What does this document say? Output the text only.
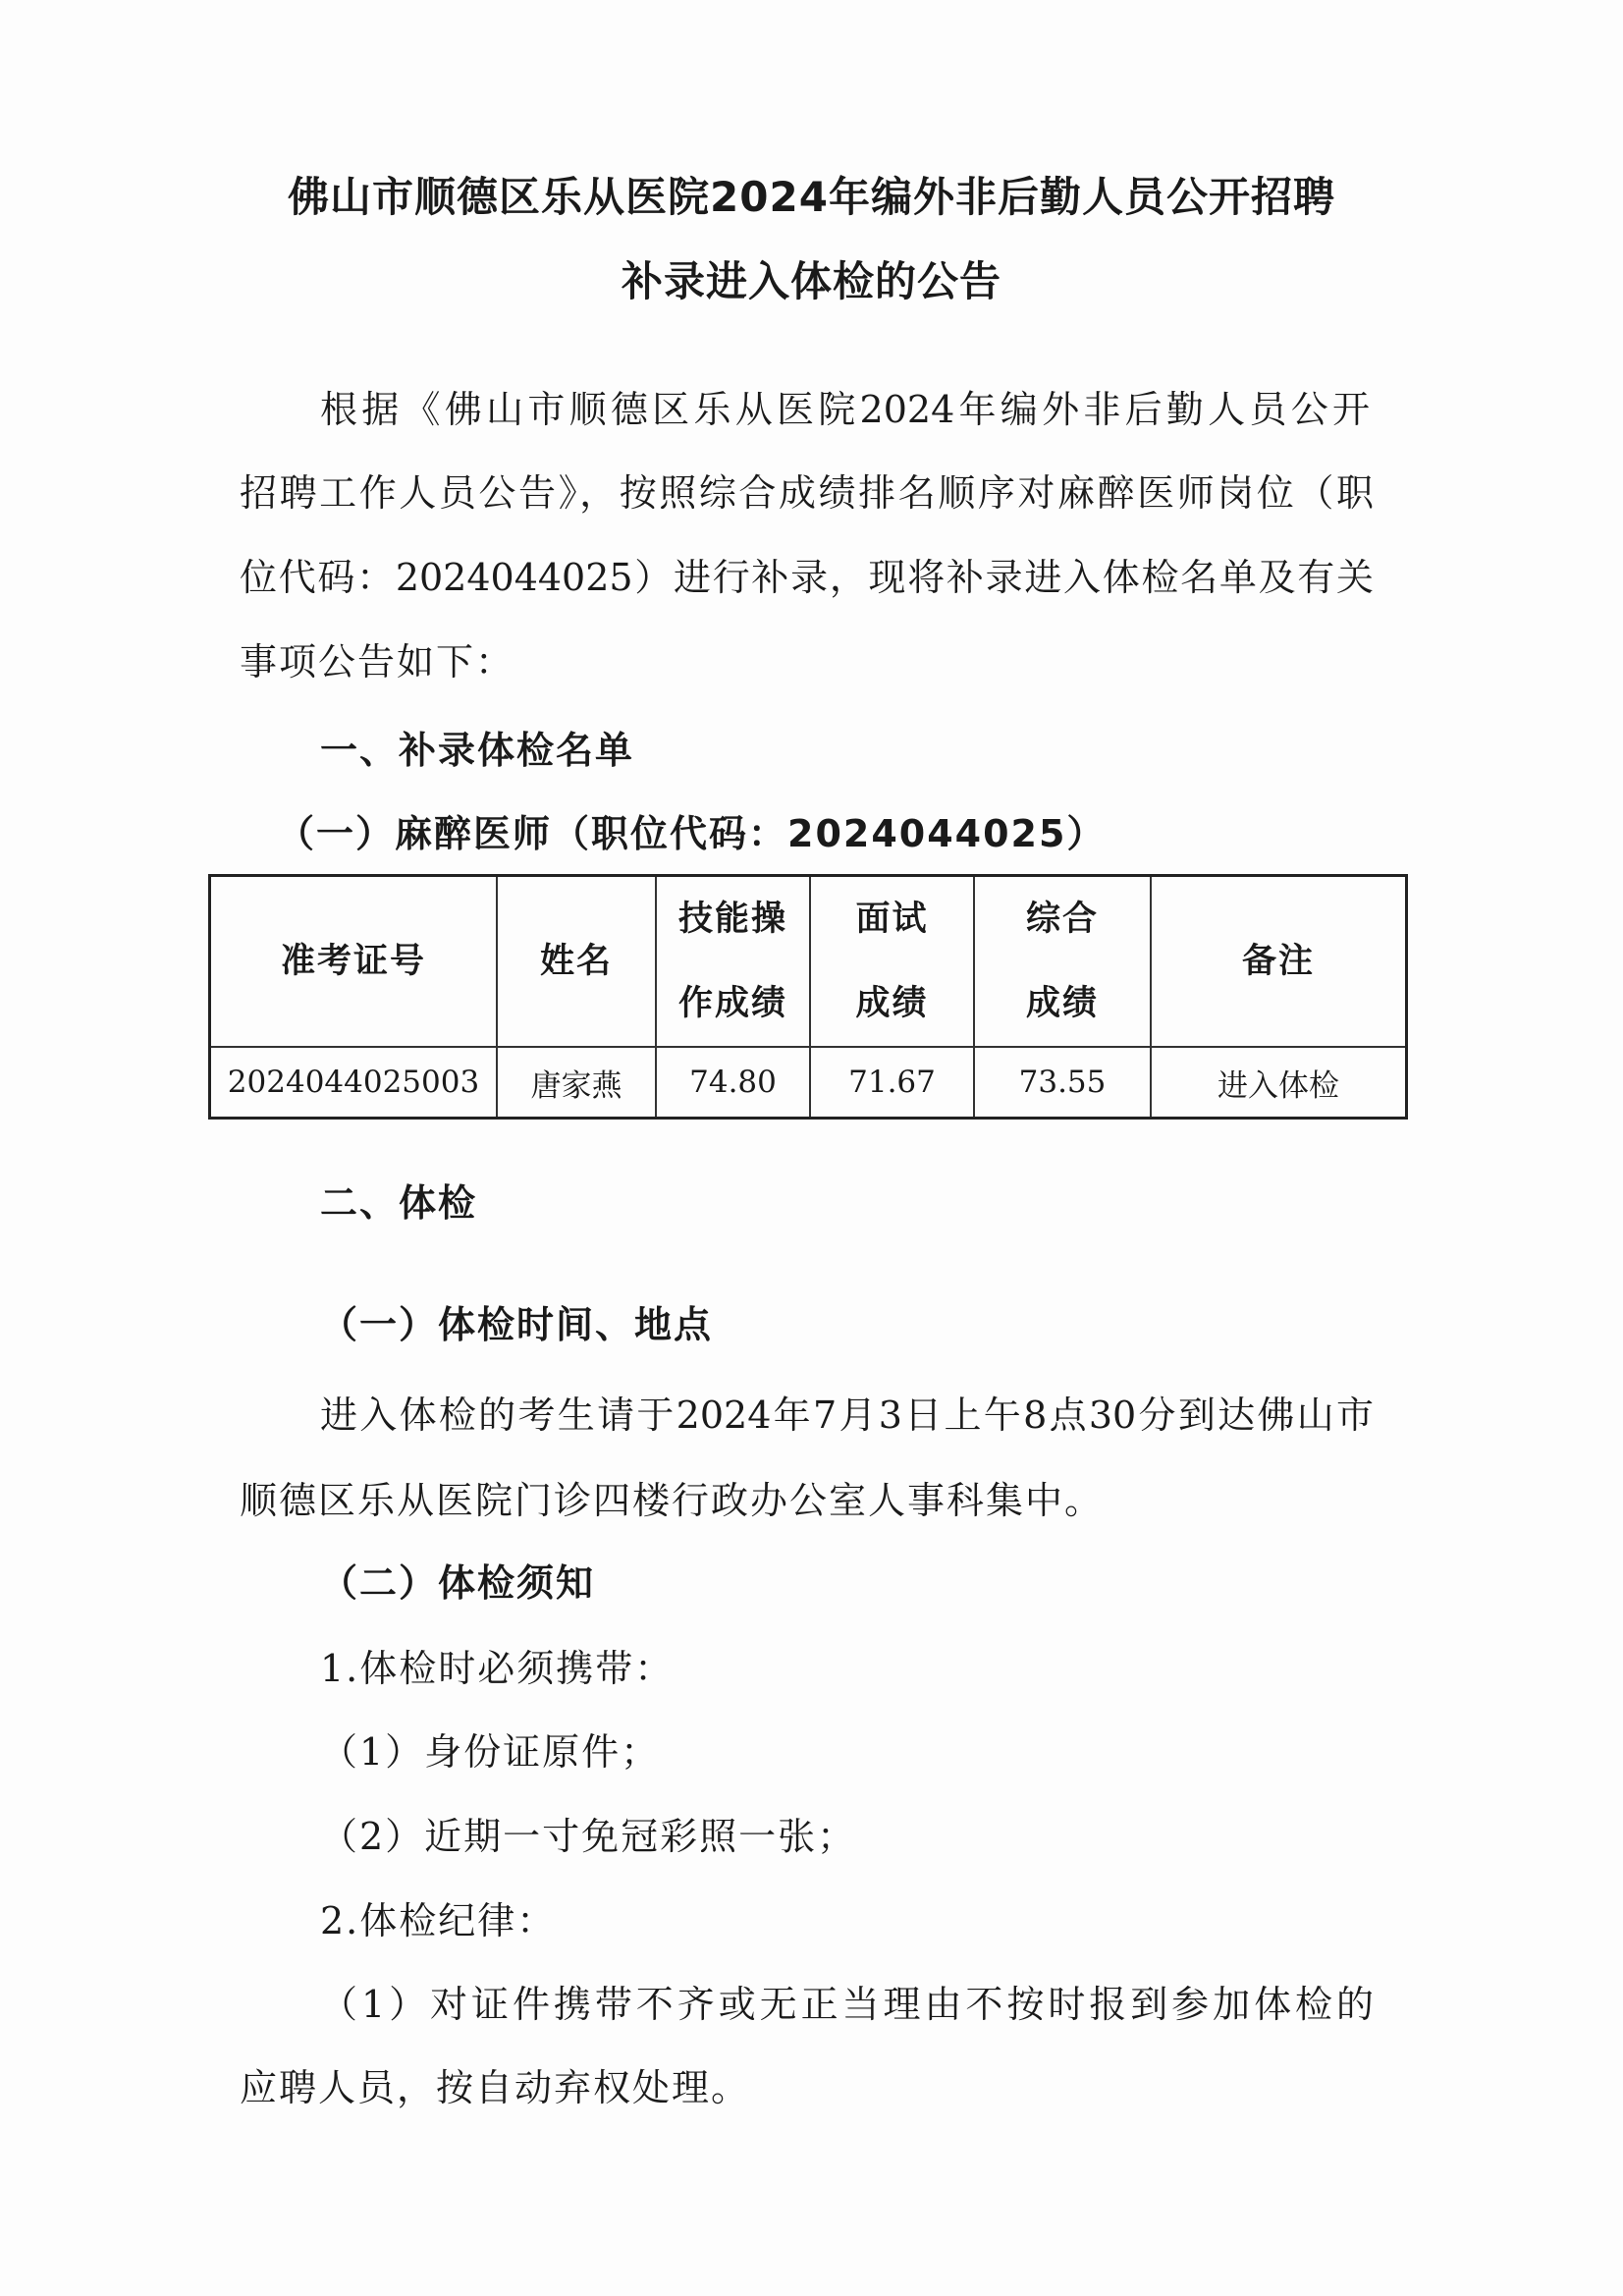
佛山市顺德区乐从医院2024年编外非后勤人员公开招聘
补录进入体检的公告
根据《佛山市顺德区乐从医院2024年编外非后勤人员公开
招聘工作人员公告》，按照综合成绩排名顺序对麻醉医师岗位（职
位代码：2024044025）进行补录，现将补录进入体检名单及有关
事项公告如下：
一、补录体检名单
（一）麻醉医师（职位代码：2024044025）
准考证号	姓名	技能操作成绩	面试成绩	综合成绩	备注
2024044025003	唐家燕	74.80	71.67	73.55	进入体检
二、体检
（一）体检时间、地点
进入体检的考生请于2024年7月3日上午8点30分到达佛山市
顺德区乐从医院门诊四楼行政办公室人事科集中。
（二）体检须知
1.体检时必须携带：
（1）身份证原件；
（2）近期一寸免冠彩照一张；
2.体检纪律：
（1）对证件携带不齐或无正当理由不按时报到参加体检的
应聘人员，按自动弃权处理。
